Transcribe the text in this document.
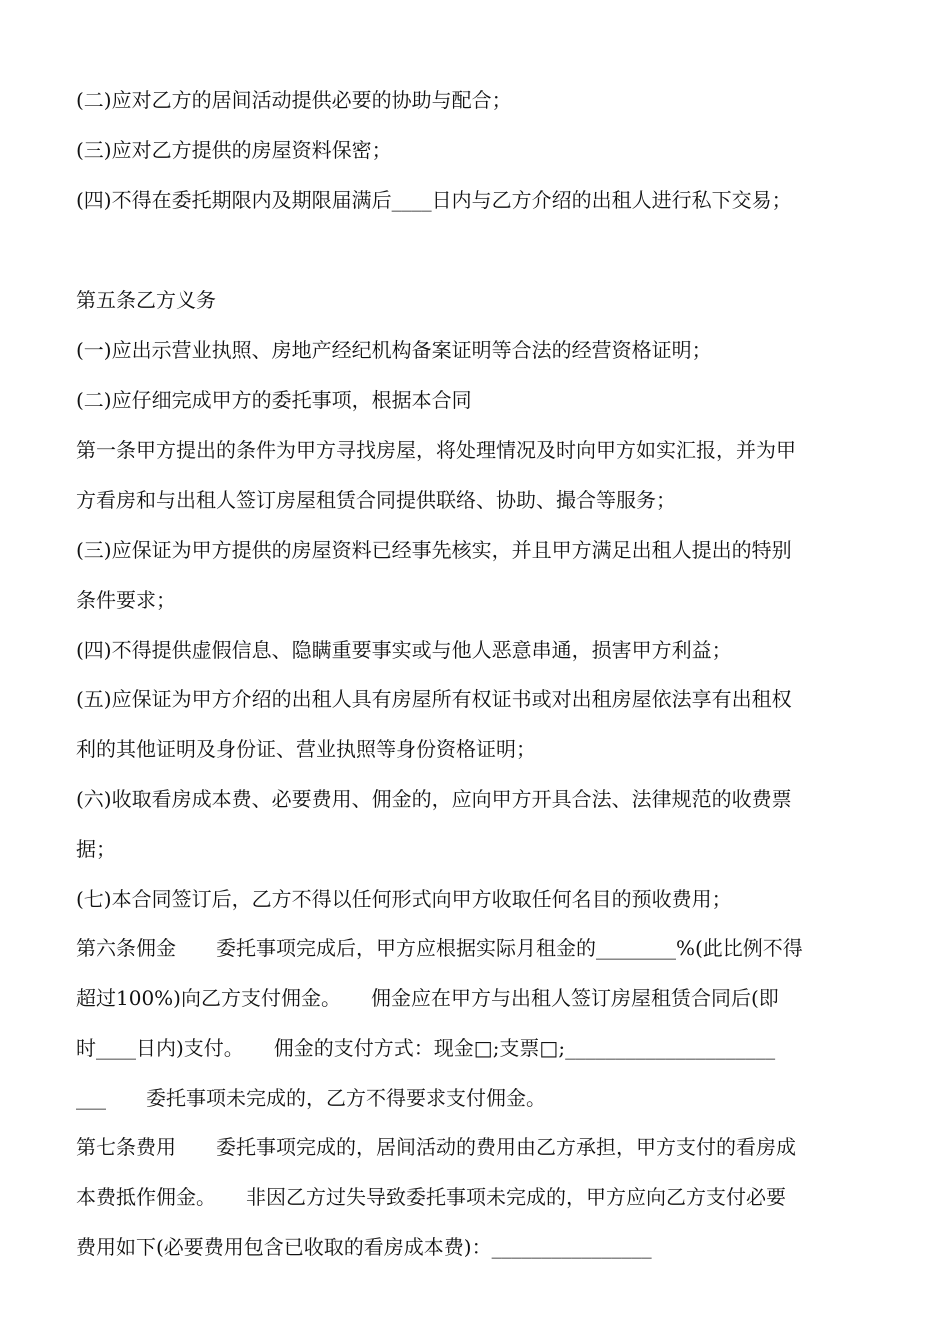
(二)应对乙方的居间活动提供必要的协助与配合；
(三)应对乙方提供的房屋资料保密；
(四)不得在委托期限内及期限届满后____日内与乙方介绍的出租人进行私下交易；
第五条乙方义务
(一)应出示营业执照、房地产经纪机构备案证明等合法的经营资格证明；
(二)应仔细完成甲方的委托事项，根据本合同
第一条甲方提出的条件为甲方寻找房屋，将处理情况及时向甲方如实汇报，并为甲
方看房和与出租人签订房屋租赁合同提供联络、协助、撮合等服务；
(三)应保证为甲方提供的房屋资料已经事先核实，并且甲方满足出租人提出的特别
条件要求；
(四)不得提供虚假信息、隐瞒重要事实或与他人恶意串通，损害甲方利益；
(五)应保证为甲方介绍的出租人具有房屋所有权证书或对出租房屋依法享有出租权
利的其他证明及身份证、营业执照等身份资格证明；
(六)收取看房成本费、必要费用、佣金的，应向甲方开具合法、法律规范的收费票
据；
(七)本合同签订后，乙方不得以任何形式向甲方收取任何名目的预收费用；
第六条佣金　　委托事项完成后，甲方应根据实际月租金的________%(此比例不得
超过100%)向乙方支付佣金。　　佣金应在甲方与出租人签订房屋租赁合同后(即
时____日内)支付。　　佣金的支付方式：现金□;支票□;_____________________
___　　委托事项未完成的，乙方不得要求支付佣金。
第七条费用　　委托事项完成的，居间活动的费用由乙方承担，甲方支付的看房成
本费抵作佣金。　　非因乙方过失导致委托事项未完成的，甲方应向乙方支付必要
费用如下(必要费用包含已收取的看房成本费)：________________
